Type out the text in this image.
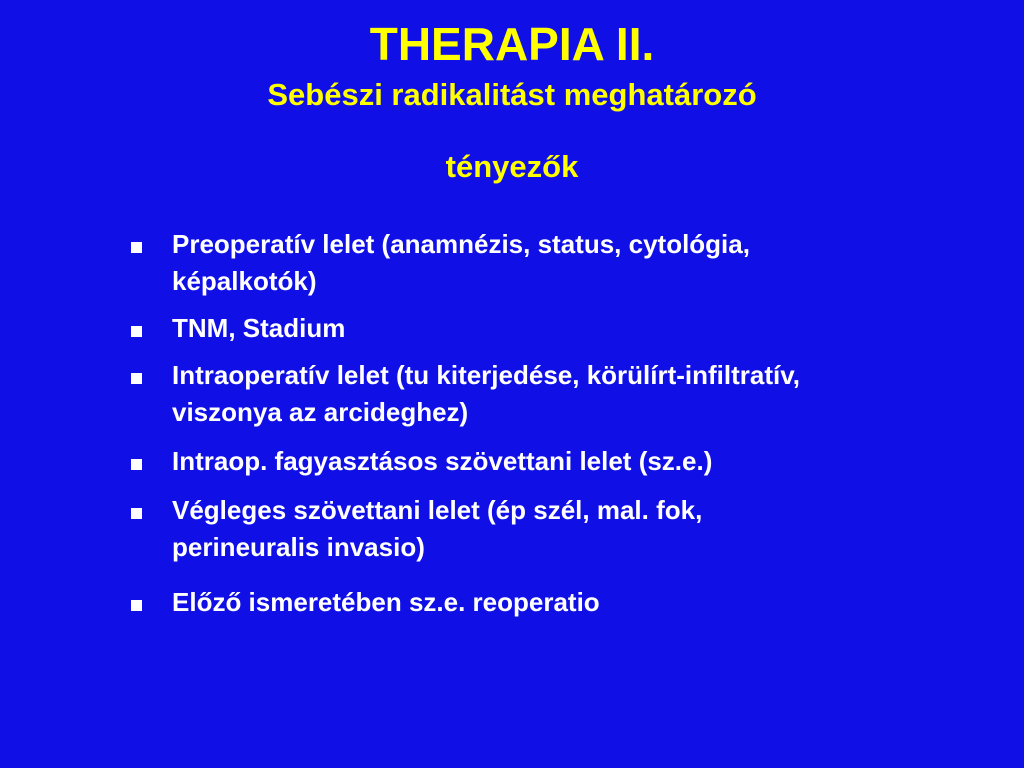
THERAPIA II.
Sebészi radikalitást meghatározó
tényezők
Preoperatív lelet (anamnézis, status, cytológia, képalkotók)
TNM, Stadium
Intraoperatív lelet (tu kiterjedése, körülírt-infiltratív, viszonya az arcideghez)
Intraop. fagyasztásos szövettani lelet (sz.e.)
Végleges szövettani lelet (ép szél, mal. fok, perineuralis invasio)
Előző ismeretében sz.e. reoperatio
